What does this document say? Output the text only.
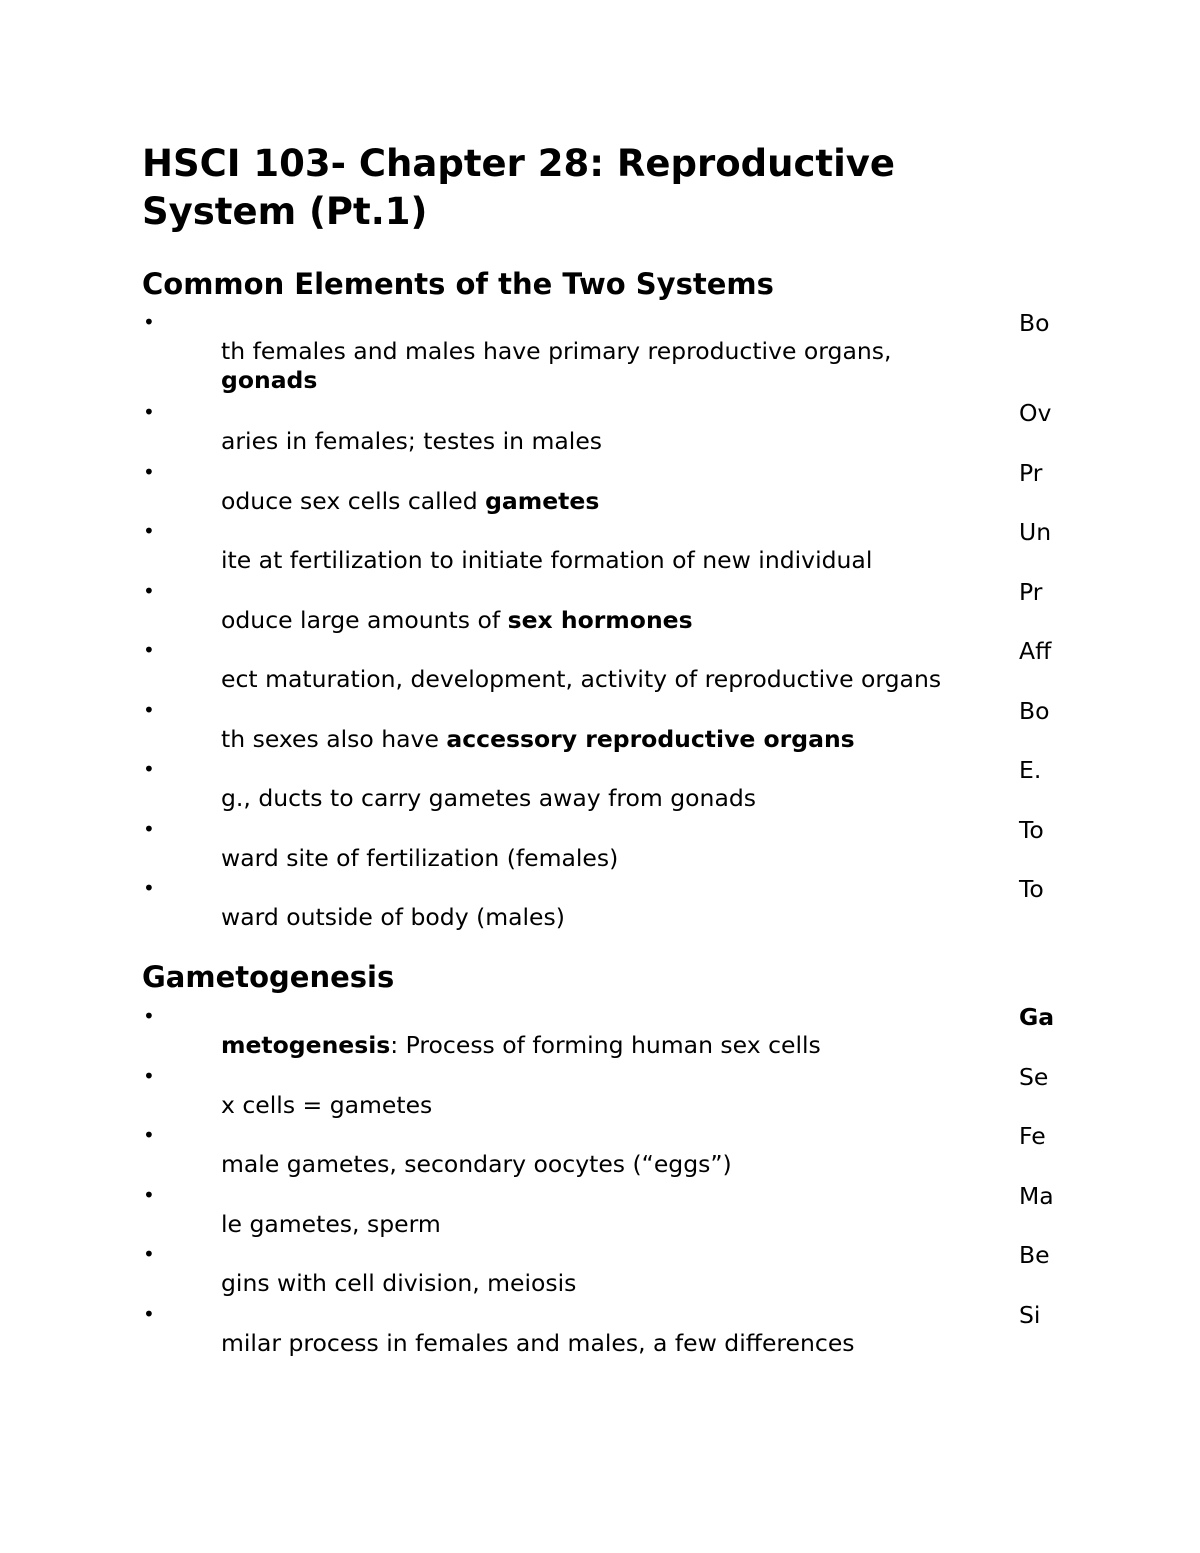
HSCI 103- Chapter 28: Reproductive System (Pt.1)
Common Elements of the Two Systems
•	Bo
th females and males have primary reproductive organs,
gonads
•	Ov
aries in females; testes in males
•	Pr
oduce sex cells called gametes
•	Un
ite at fertilization to initiate formation of new individual
•	Pr
oduce large amounts of sex hormones
•	Aff
ect maturation, development, activity of reproductive organs
•	Bo
th sexes also have accessory reproductive organs
•	E.
g., ducts to carry gametes away from gonads
•	To
ward site of fertilization (females)
•	To
ward outside of body (males)
Gametogenesis
•	Ga
metogenesis: Process of forming human sex cells
•	Se
x cells = gametes
•	Fe
male gametes, secondary oocytes (“eggs”)
•	Ma
le gametes, sperm
•	Be
gins with cell division, meiosis
•	Si
milar process in females and males, a few differences
